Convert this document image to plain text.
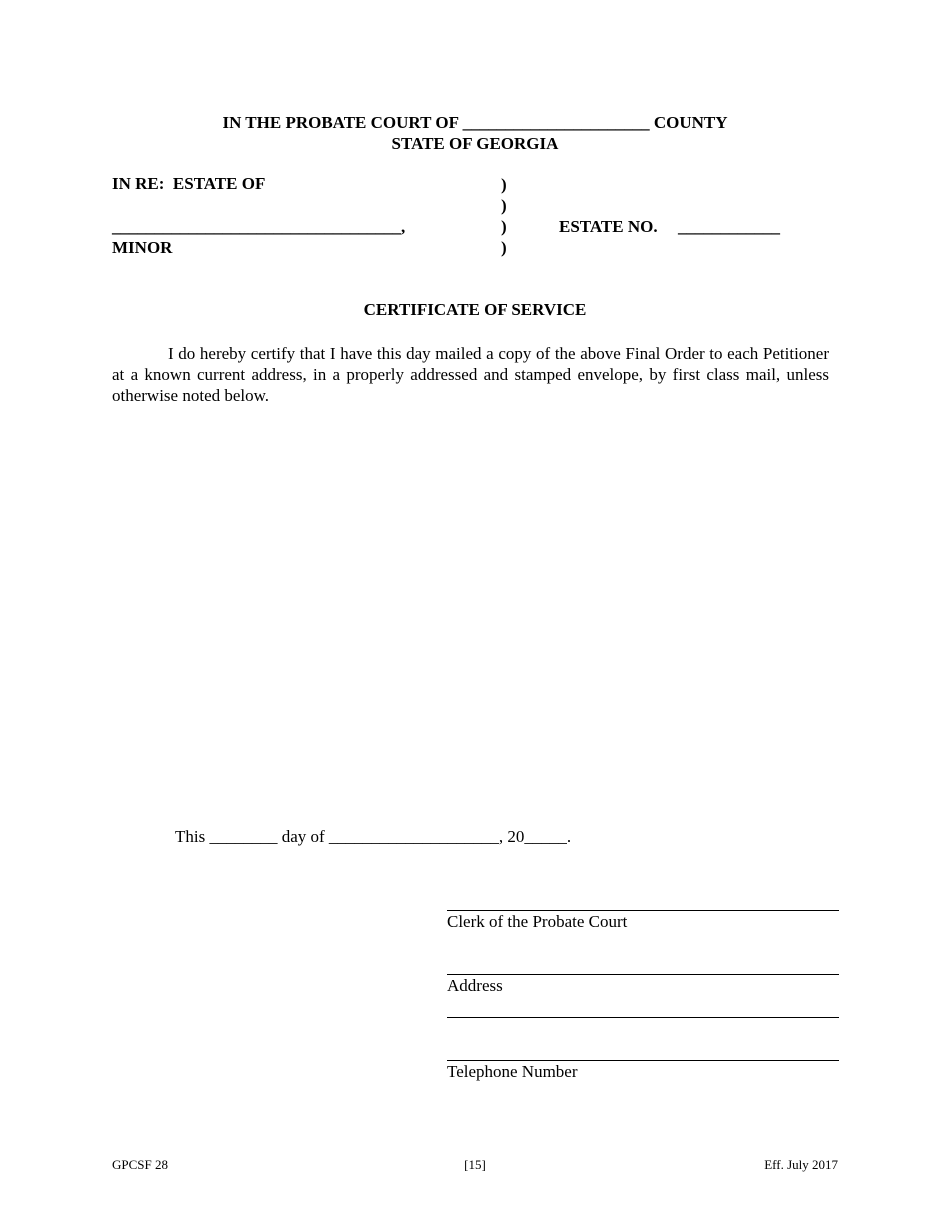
IN THE PROBATE COURT OF ______________________ COUNTY
STATE OF GEORGIA
IN RE:  ESTATE OF
__________________________________,
MINOR
)
)
)
)
ESTATE NO. ____________
CERTIFICATE OF SERVICE
I do hereby certify that I have this day mailed a copy of the above Final Order to each Petitioner at a known current address, in a properly addressed and stamped envelope, by first class mail, unless otherwise noted below.
This ________ day of ____________________, 20_____.
Clerk of the Probate Court
Address
Telephone Number
GPCSF 28	[15]	Eff. July 2017
